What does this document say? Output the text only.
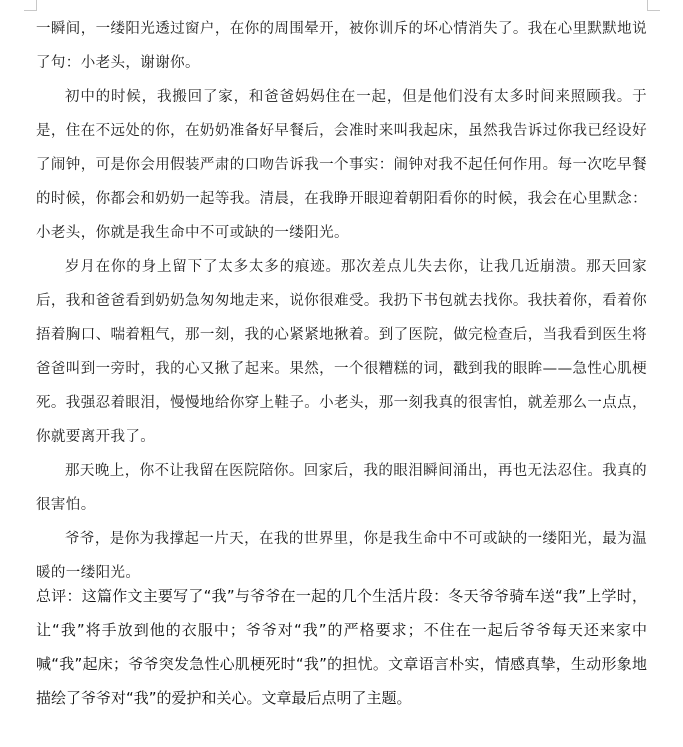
一瞬间，一缕阳光透过窗户，在你的周围晕开，被你训斥的坏心情消失了。我在心里默默地说了句：小老头，谢谢你。

初中的时候，我搬回了家，和爸爸妈妈住在一起，但是他们没有太多时间来照顾我。于是，住在不远处的你，在奶奶准备好早餐后，会准时来叫我起床，虽然我告诉过你我已经设好了闹钟，可是你会用假装严肃的口吻告诉我一个事实：闹钟对我不起任何作用。每一次吃早餐的时候，你都会和奶奶一起等我。清晨，在我睁开眼迎着朝阳看你的时候，我会在心里默念：小老头，你就是我生命中不可或缺的一缕阳光。

岁月在你的身上留下了太多太多的痕迹。那次差点儿失去你，让我几近崩溃。那天回家后，我和爸爸看到奶奶急匆匆地走来，说你很难受。我扔下书包就去找你。我扶着你，看着你捂着胸口、喘着粗气，那一刻，我的心紧紧地揪着。到了医院，做完检查后，当我看到医生将爸爸叫到一旁时，我的心又揪了起来。果然，一个很糟糕的词，戳到我的眼眸——急性心肌梗死。我强忍着眼泪，慢慢地给你穿上鞋子。小老头，那一刻我真的很害怕，就差那么一点点，你就要离开我了。

那天晚上，你不让我留在医院陪你。回家后，我的眼泪瞬间涌出，再也无法忍住。我真的很害怕。

爷爷，是你为我撑起一片天，在我的世界里，你是我生命中不可或缺的一缕阳光，最为温暖的一缕阳光。

总评：这篇作文主要写了“我”与爷爷在一起的几个生活片段：冬天爷爷骑车送“我”上学时，让“我”将手放到他的衣服中；爷爷对“我”的严格要求；不住在一起后爷爷每天还来家中喊“我”起床；爷爷突发急性心肌梗死时“我”的担忧。文章语言朴实，情感真挚，生动形象地描绘了爷爷对“我”的爱护和关心。文章最后点明了主题。
